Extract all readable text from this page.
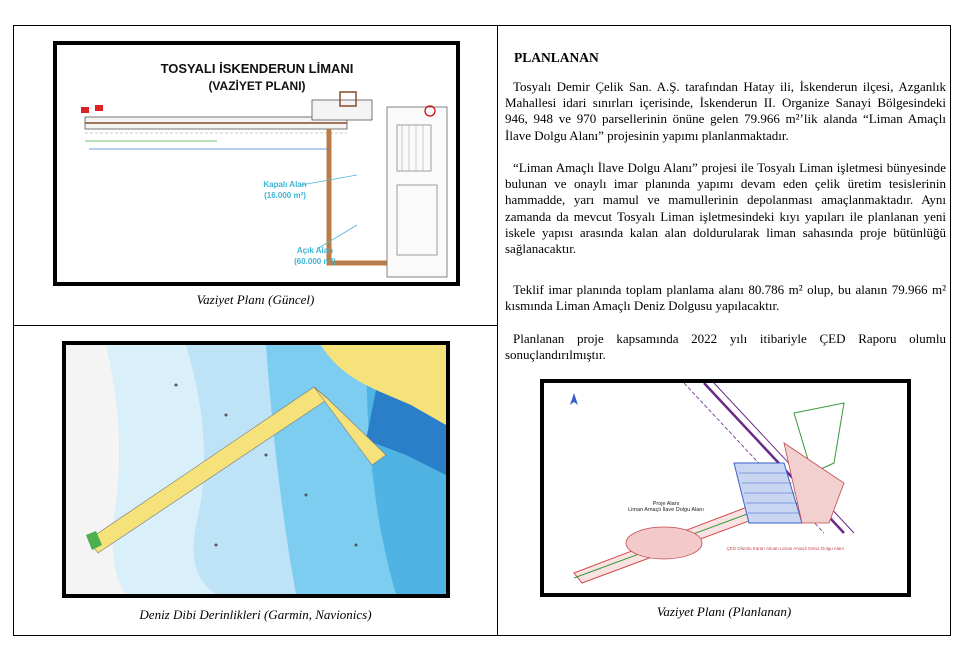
TOSYALI İSKENDERUN LİMANI
(VAZİYET PLANI)
Kapalı Alan
(16.000 m²)
Açık Alan
(60.000 m²)
Vaziyet Planı (Güncel)
Deniz Dibi Derinlikleri (Garmin, Navionics)
PLANLANAN

Tosyalı Demir Çelik San. A.Ş. tarafından Hatay ili, İskenderun ilçesi, Azganlık Mahallesi idari sınırları içerisinde, İskenderun II. Organize Sanayi Bölgesindeki 946, 948 ve 970 parsellerinin önüne gelen 79.966 m²’lik alanda “Liman Amaçlı İlave Dolgu Alanı” projesinin yapımı planlanmaktadır.

“Liman Amaçlı İlave Dolgu Alanı” projesi ile Tosyalı Liman işletmesi bünyesinde bulunan ve onaylı imar planında yapımı devam eden çelik üretim tesislerinin hammadde, yarı mamul ve mamullerinin depolanması amaçlanmaktadır. Aynı zamanda da mevcut Tosyalı Liman işletmesindeki kıyı yapıları ile planlanan yeni iskele yapısı arasında kalan alan doldurularak liman sahasında proje bütünlüğü sağlanacaktır.

Teklif imar planında toplam planlama alanı 80.786 m² olup, bu alanın 79.966 m² kısmında Liman Amaçlı Deniz Dolgusu yapılacaktır.

Planlanan proje kapsamında 2022 yılı itibariyle ÇED Raporu olumlu sonuçlandırılmıştır.

Proje Alanı
Liman Amaçlı İlave Dolgu Alanı
ÇED Olumlu Kararı Alınan Liman Amaçlı Deniz Dolgu Alanı
Vaziyet Planı (Planlanan)
